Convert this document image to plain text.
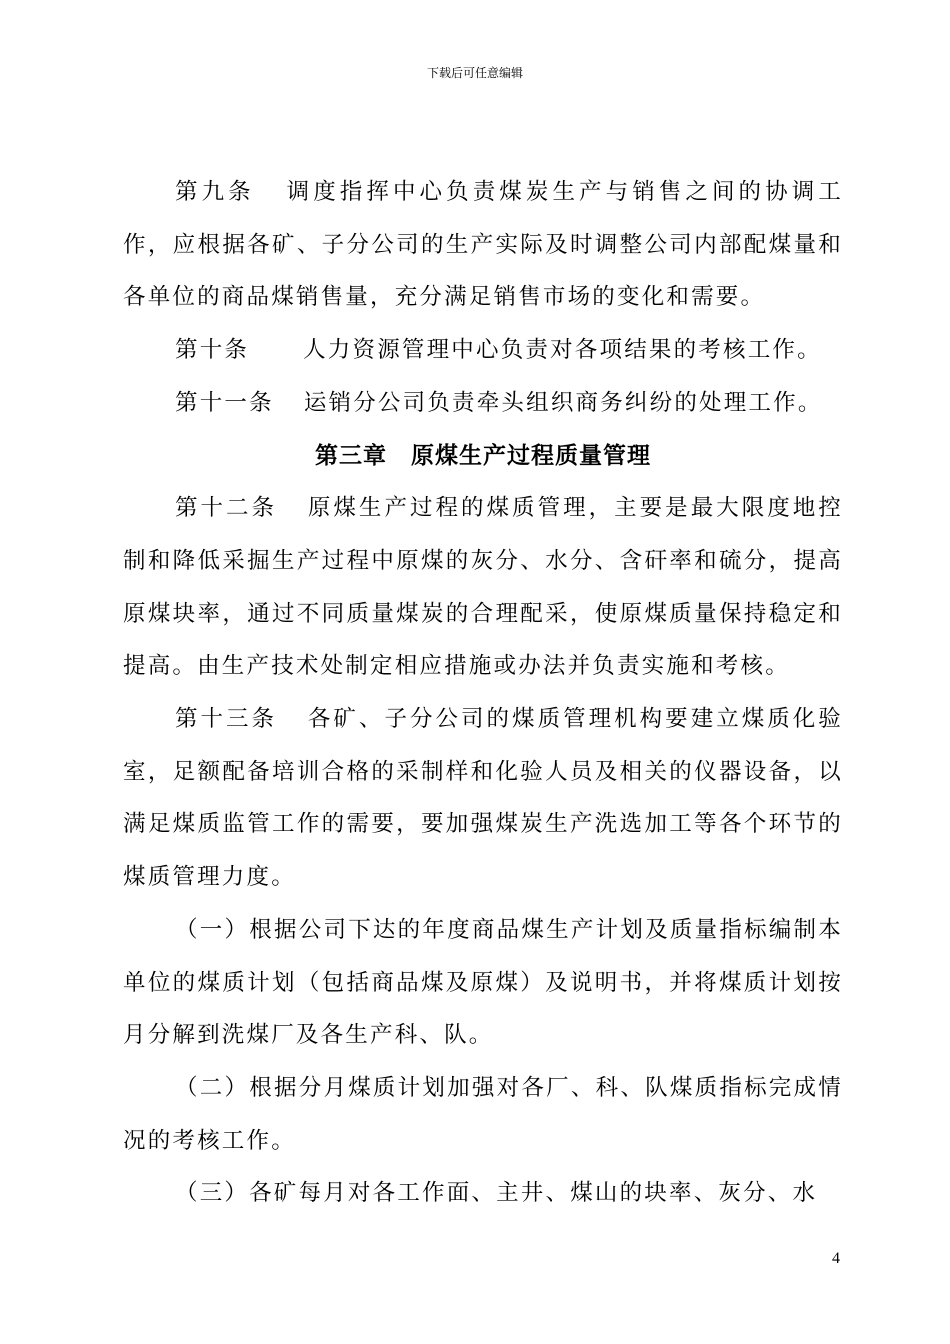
下载后可任意编辑

第九条 调度指挥中心负责煤炭生产与销售之间的协调工作，应根据各矿、子分公司的生产实际及时调整公司内部配煤量和各单位的商品煤销售量，充分满足销售市场的变化和需要。

第十条 人力资源管理中心负责对各项结果的考核工作。

第十一条 运销分公司负责牵头组织商务纠纷的处理工作。

第三章　原煤生产过程质量管理

第十二条 原煤生产过程的煤质管理，主要是最大限度地控制和降低采掘生产过程中原煤的灰分、水分、含矸率和硫分，提高原煤块率，通过不同质量煤炭的合理配采，使原煤质量保持稳定和提高。由生产技术处制定相应措施或办法并负责实施和考核。

第十三条 各矿、子分公司的煤质管理机构要建立煤质化验室，足额配备培训合格的采制样和化验人员及相关的仪器设备，以满足煤质监管工作的需要，要加强煤炭生产洗选加工等各个环节的煤质管理力度。

（一）根据公司下达的年度商品煤生产计划及质量指标编制本单位的煤质计划（包括商品煤及原煤）及说明书，并将煤质计划按月分解到洗煤厂及各生产科、队。

（二）根据分月煤质计划加强对各厂、科、队煤质指标完成情况的考核工作。

（三）各矿每月对各工作面、主井、煤山的块率、灰分、水

4
